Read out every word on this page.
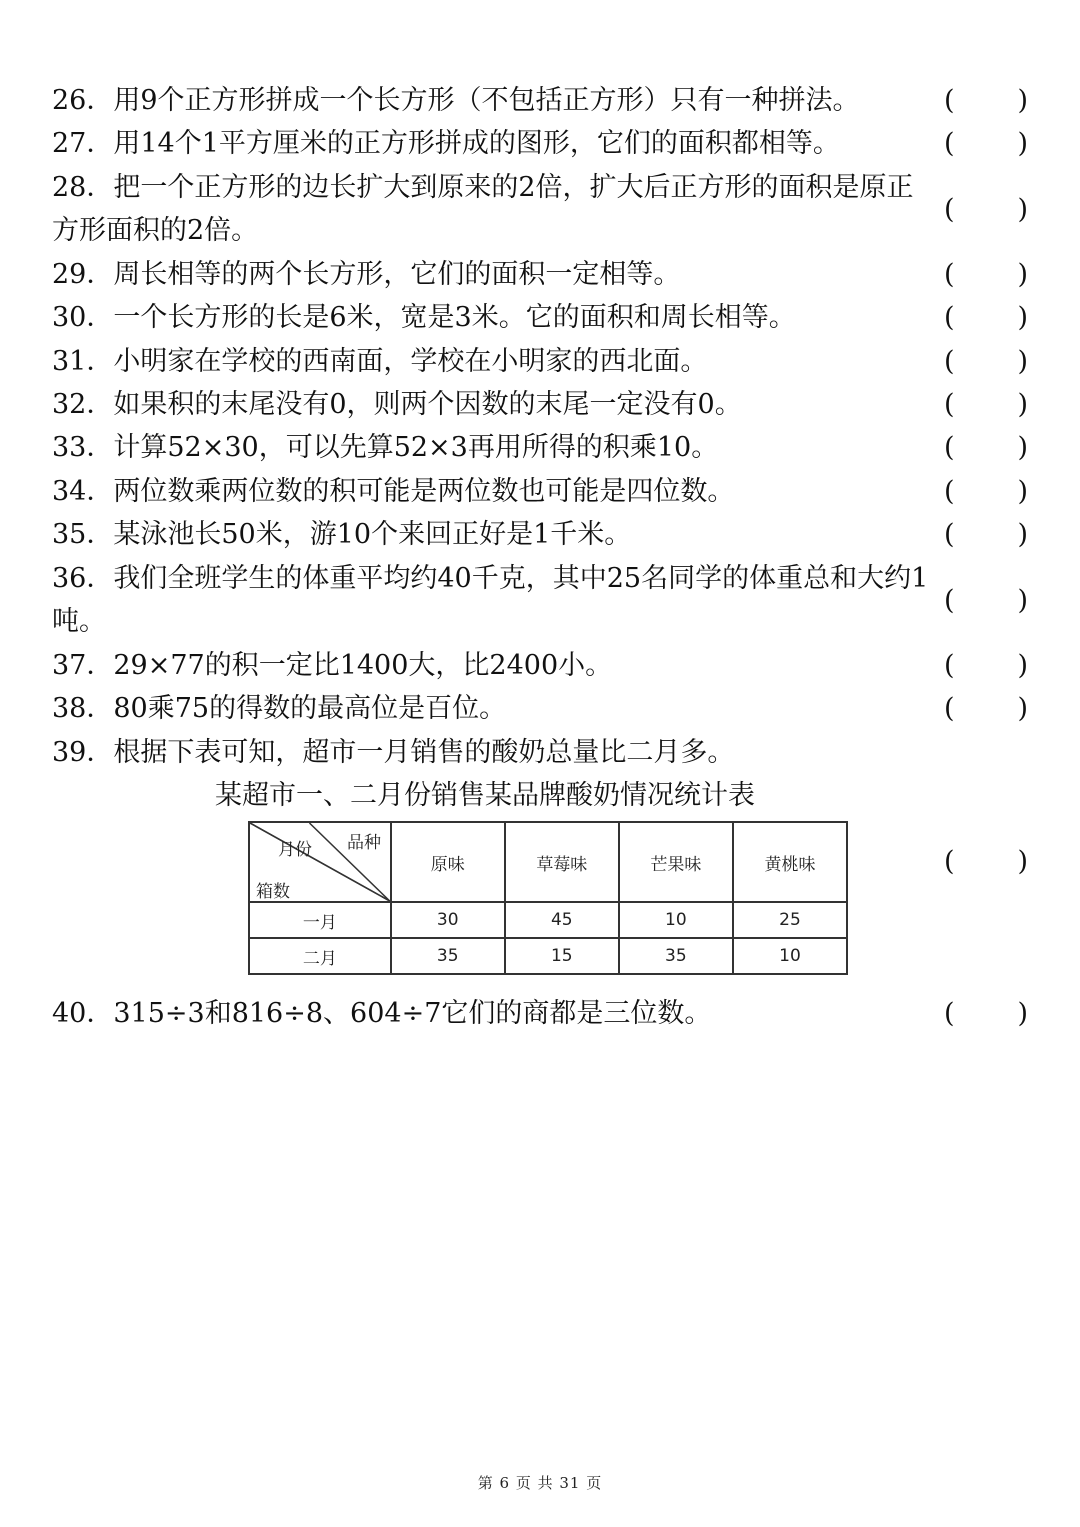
26．用9个正方形拼成一个长方形（不包括正方形）只有一种拼法。	( )
27．用14个1平方厘米的正方形拼成的图形，它们的面积都相等。	( )
28．把一个正方形的边长扩大到原来的2倍，扩大后正方形的面积是原正方形面积的2倍。
( )
29．周长相等的两个长方形，它们的面积一定相等。	( )
30．一个长方形的长是6米，宽是3米。它的面积和周长相等。	( )
31．小明家在学校的西南面，学校在小明家的西北面。	( )
32．如果积的末尾没有0，则两个因数的末尾一定没有0。	( )
33．计算52×30，可以先算52×3再用所得的积乘10。	( )
34．两位数乘两位数的积可能是两位数也可能是四位数。	( )
35．某泳池长50米，游10个来回正好是1千米。	( )
36．我们全班学生的体重平均约40千克，其中25名同学的体重总和大约1吨。
( )
37．29×77的积一定比1400大，比2400小。	( )
38．80乘75的得数的最高位是百位。	( )
39．根据下表可知，超市一月销售的酸奶总量比二月多。
某超市一、二月份销售某品牌酸奶情况统计表
品种
月份
箱数	原味	草莓味	芒果味	黄桃味
一月	30	45	10	25
二月	35	15	35	10
( )
40．315÷3和816÷8、604÷7它们的商都是三位数。	( )
第 6 页 共 31 页
